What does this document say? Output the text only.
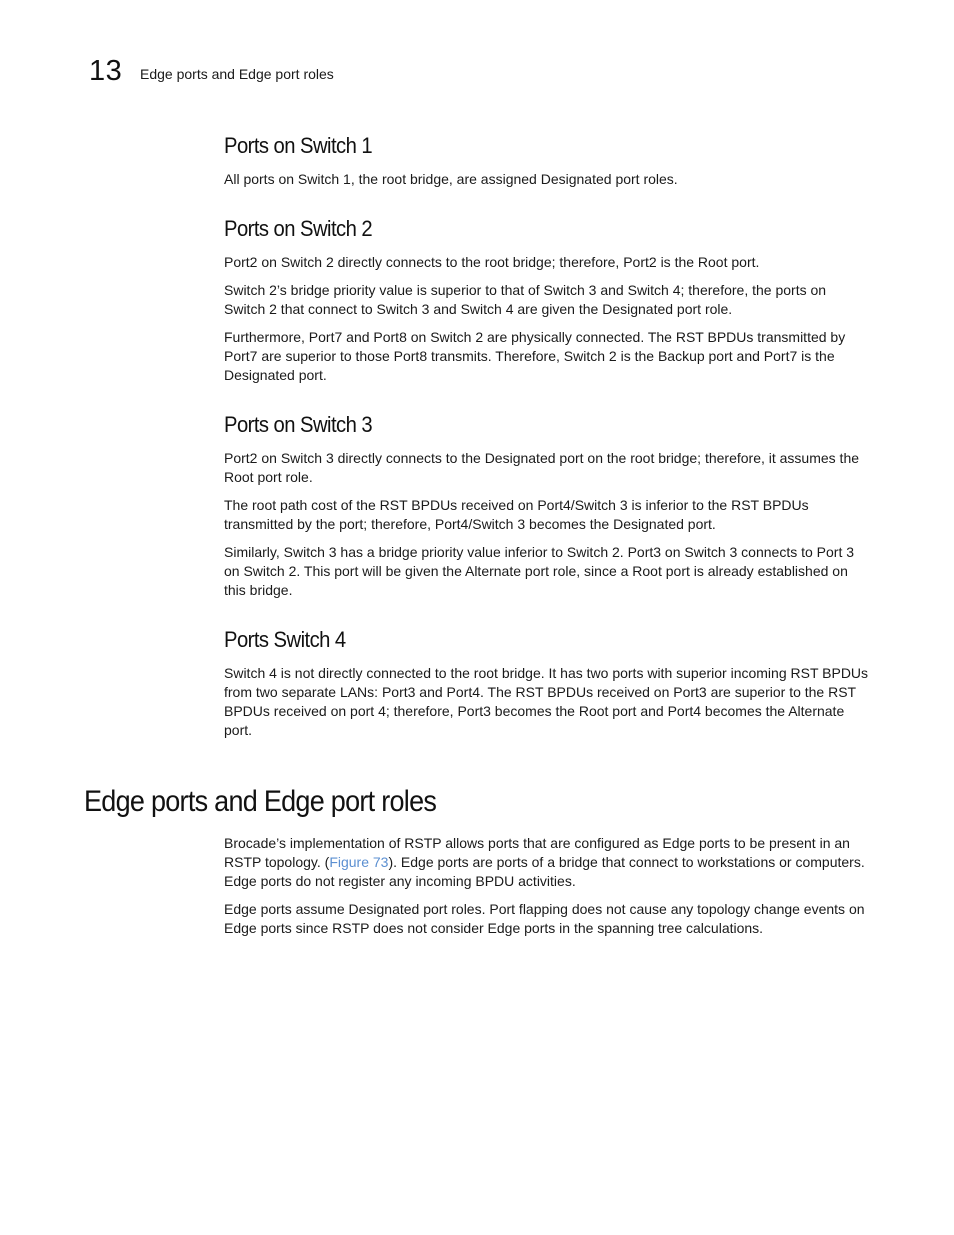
13 Edge ports and Edge port roles
Ports on Switch 1

All ports on Switch 1, the root bridge, are assigned Designated port roles.

Ports on Switch 2

Port2 on Switch 2 directly connects to the root bridge; therefore, Port2 is the Root port.

Switch 2’s bridge priority value is superior to that of Switch 3 and Switch 4; therefore, the ports on Switch 2 that connect to Switch 3 and Switch 4 are given the Designated port role.

Furthermore, Port7 and Port8 on Switch 2 are physically connected. The RST BPDUs transmitted by Port7 are superior to those Port8 transmits. Therefore, Switch 2 is the Backup port and Port7 is the Designated port.

Ports on Switch 3

Port2 on Switch 3 directly connects to the Designated port on the root bridge; therefore, it assumes the Root port role.

The root path cost of the RST BPDUs received on Port4/Switch 3 is inferior to the RST BPDUs transmitted by the port; therefore, Port4/Switch 3 becomes the Designated port.

Similarly, Switch 3 has a bridge priority value inferior to Switch 2. Port3 on Switch 3 connects to Port 3 on Switch 2. This port will be given the Alternate port role, since a Root port is already established on this bridge.

Ports Switch 4

Switch 4 is not directly connected to the root bridge. It has two ports with superior incoming RST BPDUs from two separate LANs: Port3 and Port4. The RST BPDUs received on Port3 are superior to the RST BPDUs received on port 4; therefore, Port3 becomes the Root port and Port4 becomes the Alternate port.

Edge ports and Edge port roles

Brocade’s implementation of RSTP allows ports that are configured as Edge ports to be present in an RSTP topology. (Figure 73). Edge ports are ports of a bridge that connect to workstations or computers. Edge ports do not register any incoming BPDU activities.

Edge ports assume Designated port roles. Port flapping does not cause any topology change events on Edge ports since RSTP does not consider Edge ports in the spanning tree calculations.
